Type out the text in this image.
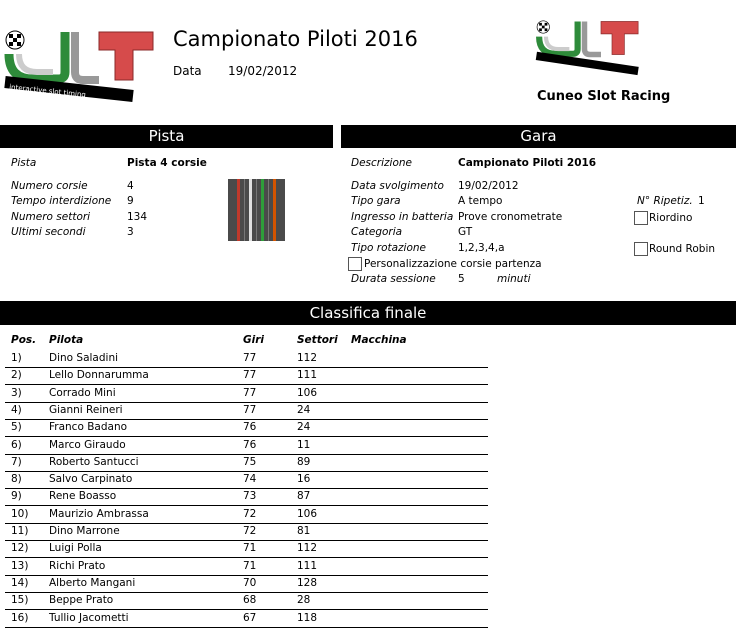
interactive slot timing
Campionato Piloti 2016
Data 19/02/2012
Cuneo Slot Racing
Pista	Gara
Pista	Pista 4 corsie
Numero corsie	4
Tempo interdizione 9
Numero settori	134
Ultimi secondi	3
Descrizione	Campionato Piloti 2016
Data svolgimento 19/02/2012
Tipo gara	A tempo
Ingresso in batteria Prove cronometrate
Categoria	GT
Tipo rotazione	1,2,3,4,a
N° Ripetiz. 1
Riordino
Round Robin
Personalizzazione corsie partenza
Durata sessione 5	minuti
Classifica finale
Pos. Pilota	Giri	Settori Macchina
1)	Dino Saladini	77	112
2)	Lello Donnarumma	77	111
3)	Corrado Mini	77	106
4)	Gianni Reineri	77	24
5)	Franco Badano	76	24
6)	Marco Giraudo	76	11
7)	Roberto Santucci	75	89
8)	Salvo Carpinato	74	16
9)	Rene Boasso	73	87
10) Maurizio Ambrassa	72	106
11) Dino Marrone	72	81
12) Luigi Polla	71	112
13) Richi Prato	71	111
14) Alberto Mangani	70	128
15) Beppe Prato	68	28
16) Tullio Jacometti	67	118
